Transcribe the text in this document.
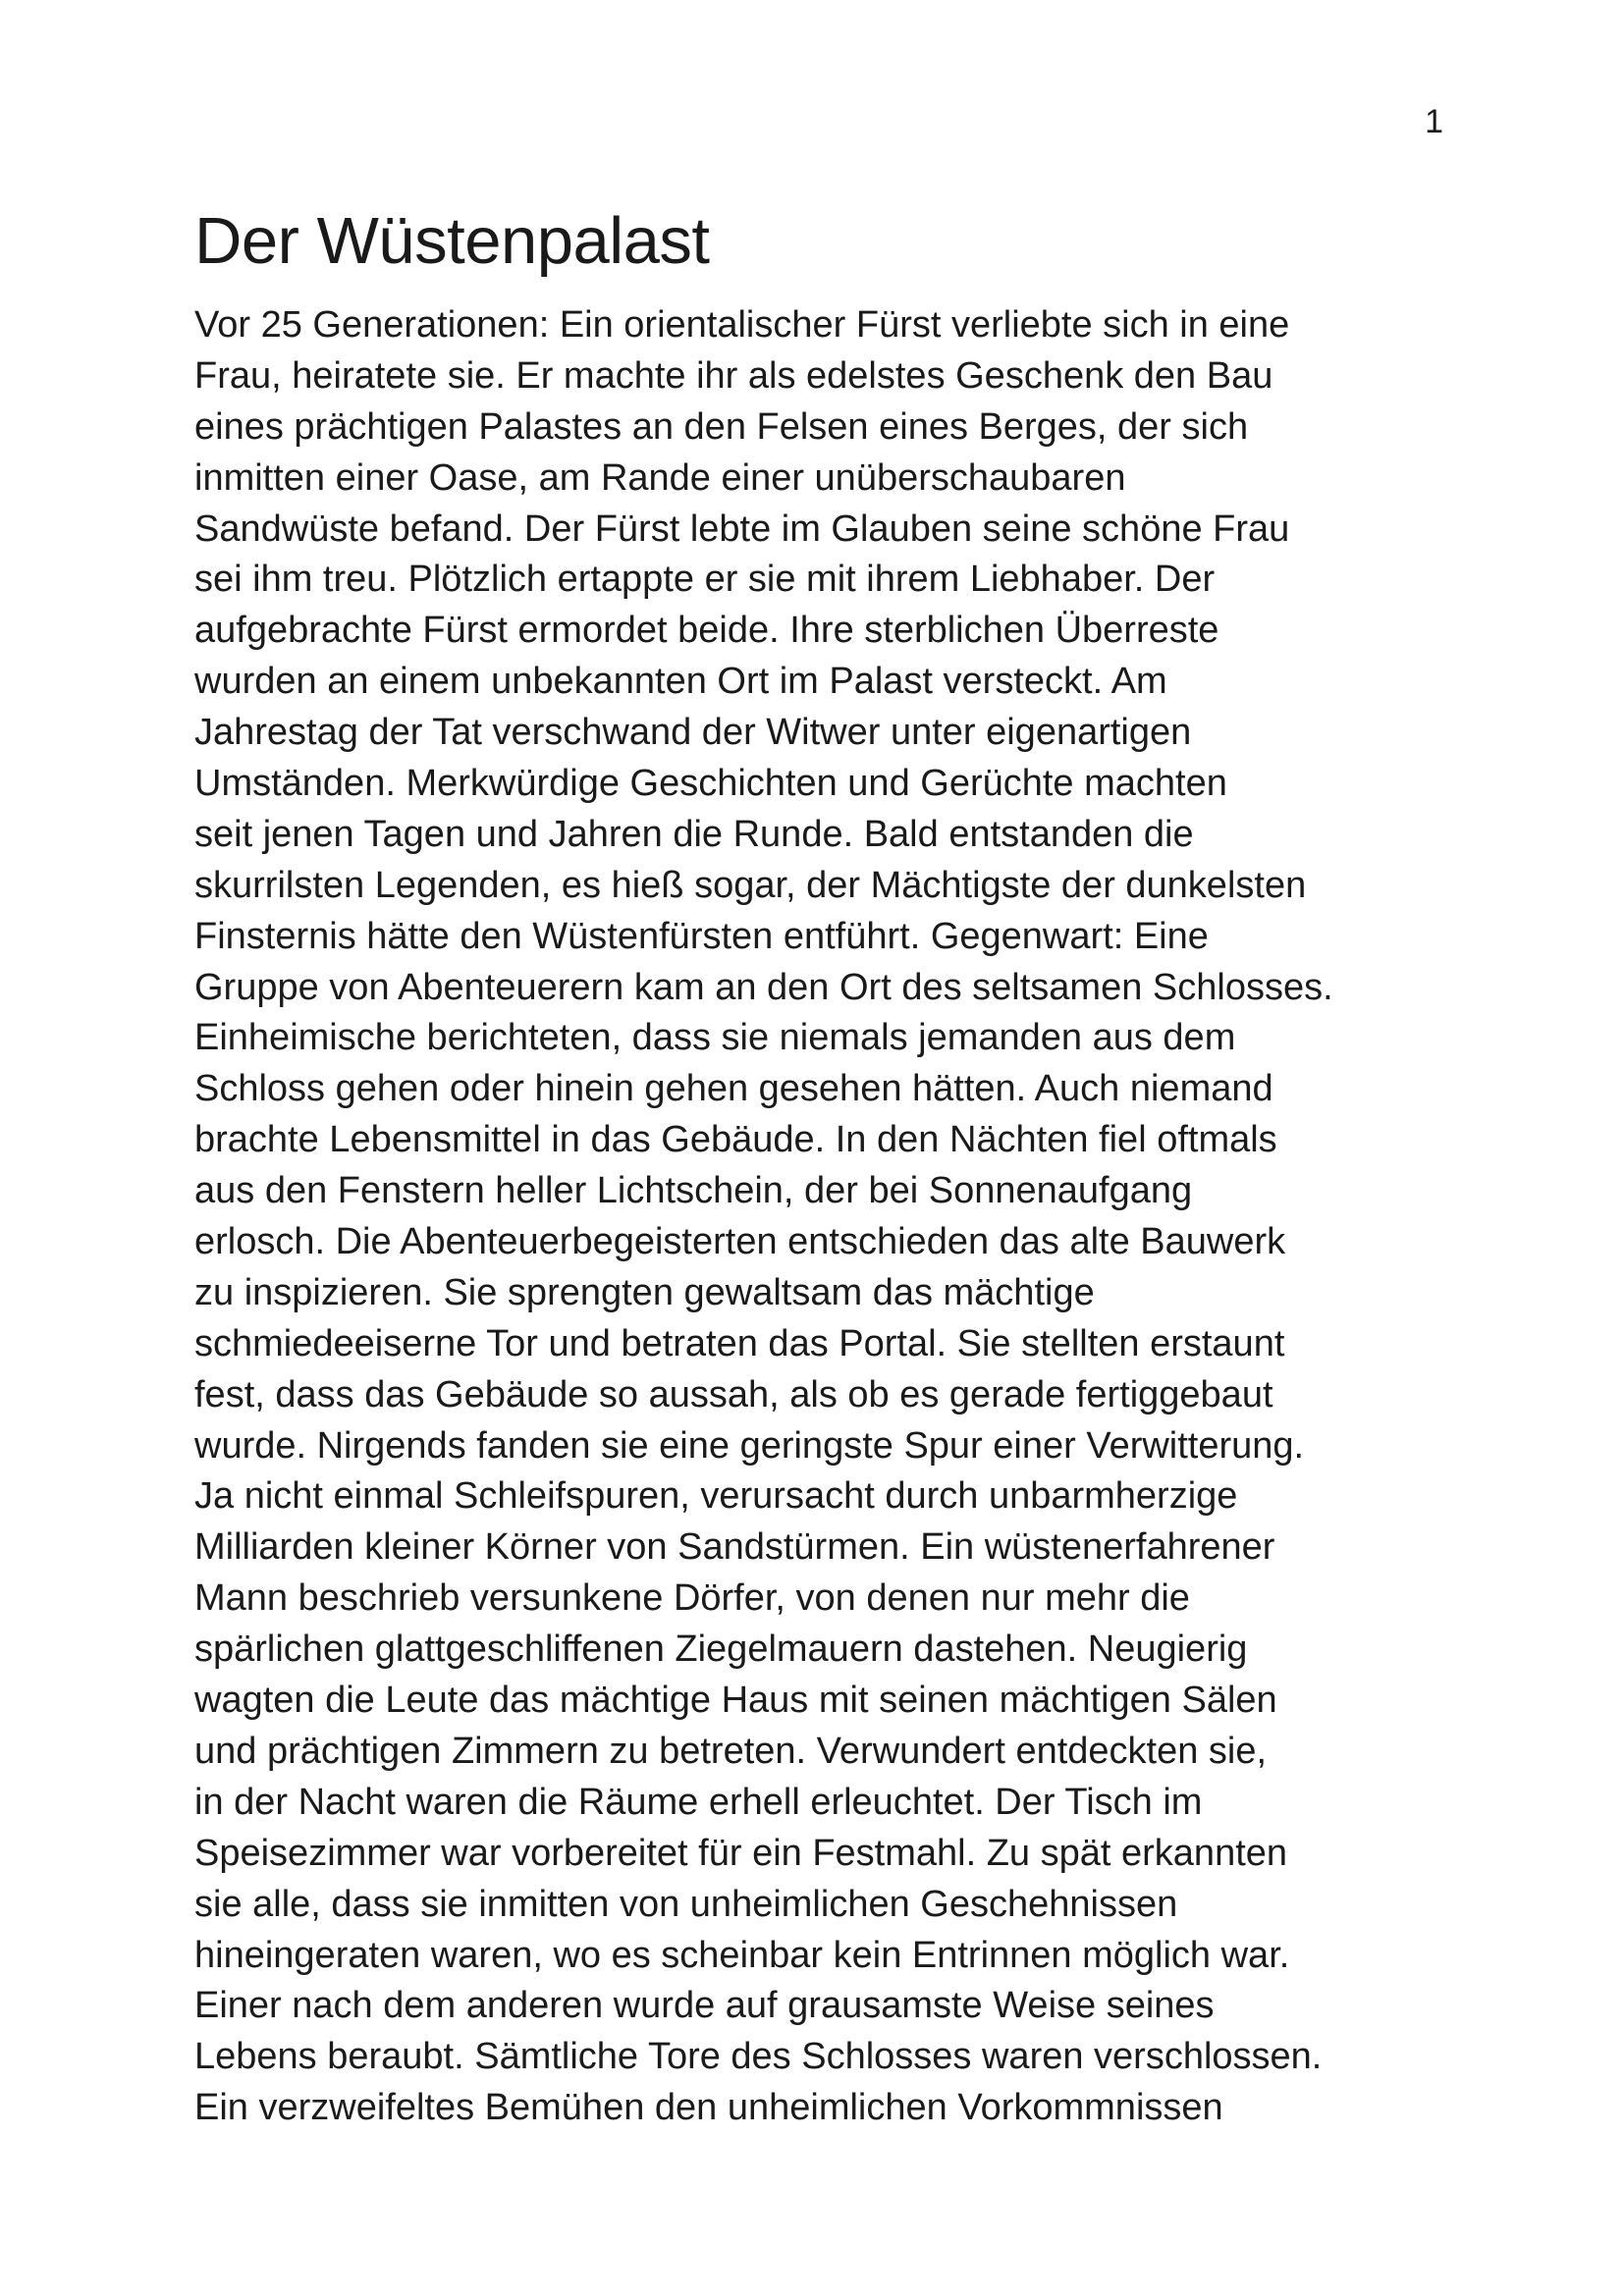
1
Der Wüstenpalast
Vor 25 Generationen: Ein orientalischer Fürst verliebte sich in eine
Frau, heiratete sie. Er machte ihr als edelstes Geschenk den Bau
eines prächtigen Palastes an den Felsen eines Berges, der sich
inmitten einer Oase, am Rande einer unüberschaubaren
Sandwüste befand. Der Fürst lebte im Glauben seine schöne Frau
sei ihm treu. Plötzlich ertappte er sie mit ihrem Liebhaber. Der
aufgebrachte Fürst ermordet beide. Ihre sterblichen Überreste
wurden an einem unbekannten Ort im Palast versteckt. Am
Jahrestag der Tat verschwand der Witwer unter eigenartigen
Umständen. Merkwürdige Geschichten und Gerüchte machten
seit jenen Tagen und Jahren die Runde. Bald entstanden die
skurrilsten Legenden, es hieß sogar, der Mächtigste der dunkelsten
Finsternis hätte den Wüstenfürsten entführt. Gegenwart: Eine
Gruppe von Abenteuerern kam an den Ort des seltsamen Schlosses.
Einheimische berichteten, dass sie niemals jemanden aus dem
Schloss gehen oder hinein gehen gesehen hätten. Auch niemand
brachte Lebensmittel in das Gebäude. In den Nächten fiel oftmals
aus den Fenstern heller Lichtschein, der bei Sonnenaufgang
erlosch. Die Abenteuerbegeisterten entschieden das alte Bauwerk
zu inspizieren. Sie sprengten gewaltsam das mächtige
schmiedeeiserne Tor und betraten das Portal. Sie stellten erstaunt
fest, dass das Gebäude so aussah, als ob es gerade fertiggebaut
wurde. Nirgends fanden sie eine geringste Spur einer Verwitterung.
Ja nicht einmal Schleifspuren, verursacht durch unbarmherzige
Milliarden kleiner Körner von Sandstürmen. Ein wüstenerfahrener
Mann beschrieb versunkene Dörfer, von denen nur mehr die
spärlichen glattgeschliffenen Ziegelmauern dastehen. Neugierig
wagten die Leute das mächtige Haus mit seinen mächtigen Sälen
und prächtigen Zimmern zu betreten. Verwundert entdeckten sie,
in der Nacht waren die Räume erhell erleuchtet. Der Tisch im
Speisezimmer war vorbereitet für ein Festmahl. Zu spät erkannten
sie alle, dass sie inmitten von unheimlichen Geschehnissen
hineingeraten waren, wo es scheinbar kein Entrinnen möglich war.
Einer nach dem anderen wurde auf grausamste Weise seines
Lebens beraubt. Sämtliche Tore des Schlosses waren verschlossen.
Ein verzweifeltes Bemühen den unheimlichen Vorkommnissen
